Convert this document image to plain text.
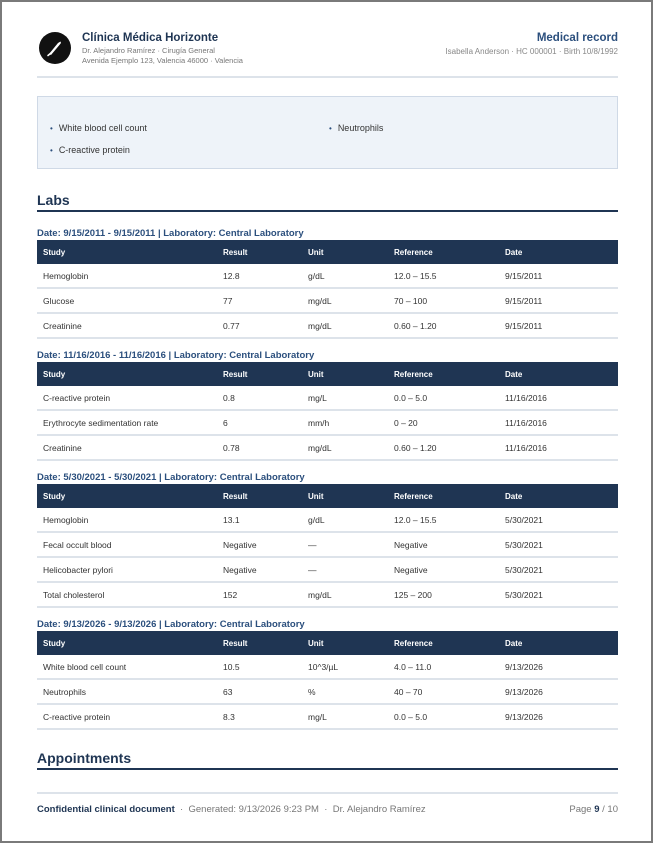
Clínica Médica Horizonte
Dr. Alejandro Ramírez · Cirugía General
Avenida Ejemplo 123, Valencia 46000 · Valencia
Medical record
Isabella Anderson · HC 000001 · Birth 10/8/1992
• White blood cell count	• Neutrophils
• C-reactive protein
Labs
Date: 9/15/2011 - 9/15/2011 | Laboratory: Central Laboratory
Study	Result	Unit	Reference	Date
Hemoglobin	12.8	g/dL	12.0 – 15.5	9/15/2011
Glucose	77	mg/dL	70 – 100	9/15/2011
Creatinine	0.77	mg/dL	0.60 – 1.20	9/15/2011
Date: 11/16/2016 - 11/16/2016 | Laboratory: Central Laboratory
Study	Result	Unit	Reference	Date
C-reactive protein	0.8	mg/L	0.0 – 5.0	11/16/2016
Erythrocyte sedimentation rate	6	mm/h	0 – 20	11/16/2016
Creatinine	0.78	mg/dL	0.60 – 1.20	11/16/2016
Date: 5/30/2021 - 5/30/2021 | Laboratory: Central Laboratory
Study	Result	Unit	Reference	Date
Hemoglobin	13.1	g/dL	12.0 – 15.5	5/30/2021
Fecal occult blood	Negative	—	Negative	5/30/2021
Helicobacter pylori	Negative	—	Negative	5/30/2021
Total cholesterol	152	mg/dL	125 – 200	5/30/2021
Date: 9/13/2026 - 9/13/2026 | Laboratory: Central Laboratory
Study	Result	Unit	Reference	Date
White blood cell count	10.5	10^3/µL	4.0 – 11.0	9/13/2026
Neutrophils	63	%	40 – 70	9/13/2026
C-reactive protein	8.3	mg/L	0.0 – 5.0	9/13/2026
Appointments
Confidential clinical document · Generated: 9/13/2026 9:23 PM · Dr. Alejandro Ramírez	Page 9 / 10
